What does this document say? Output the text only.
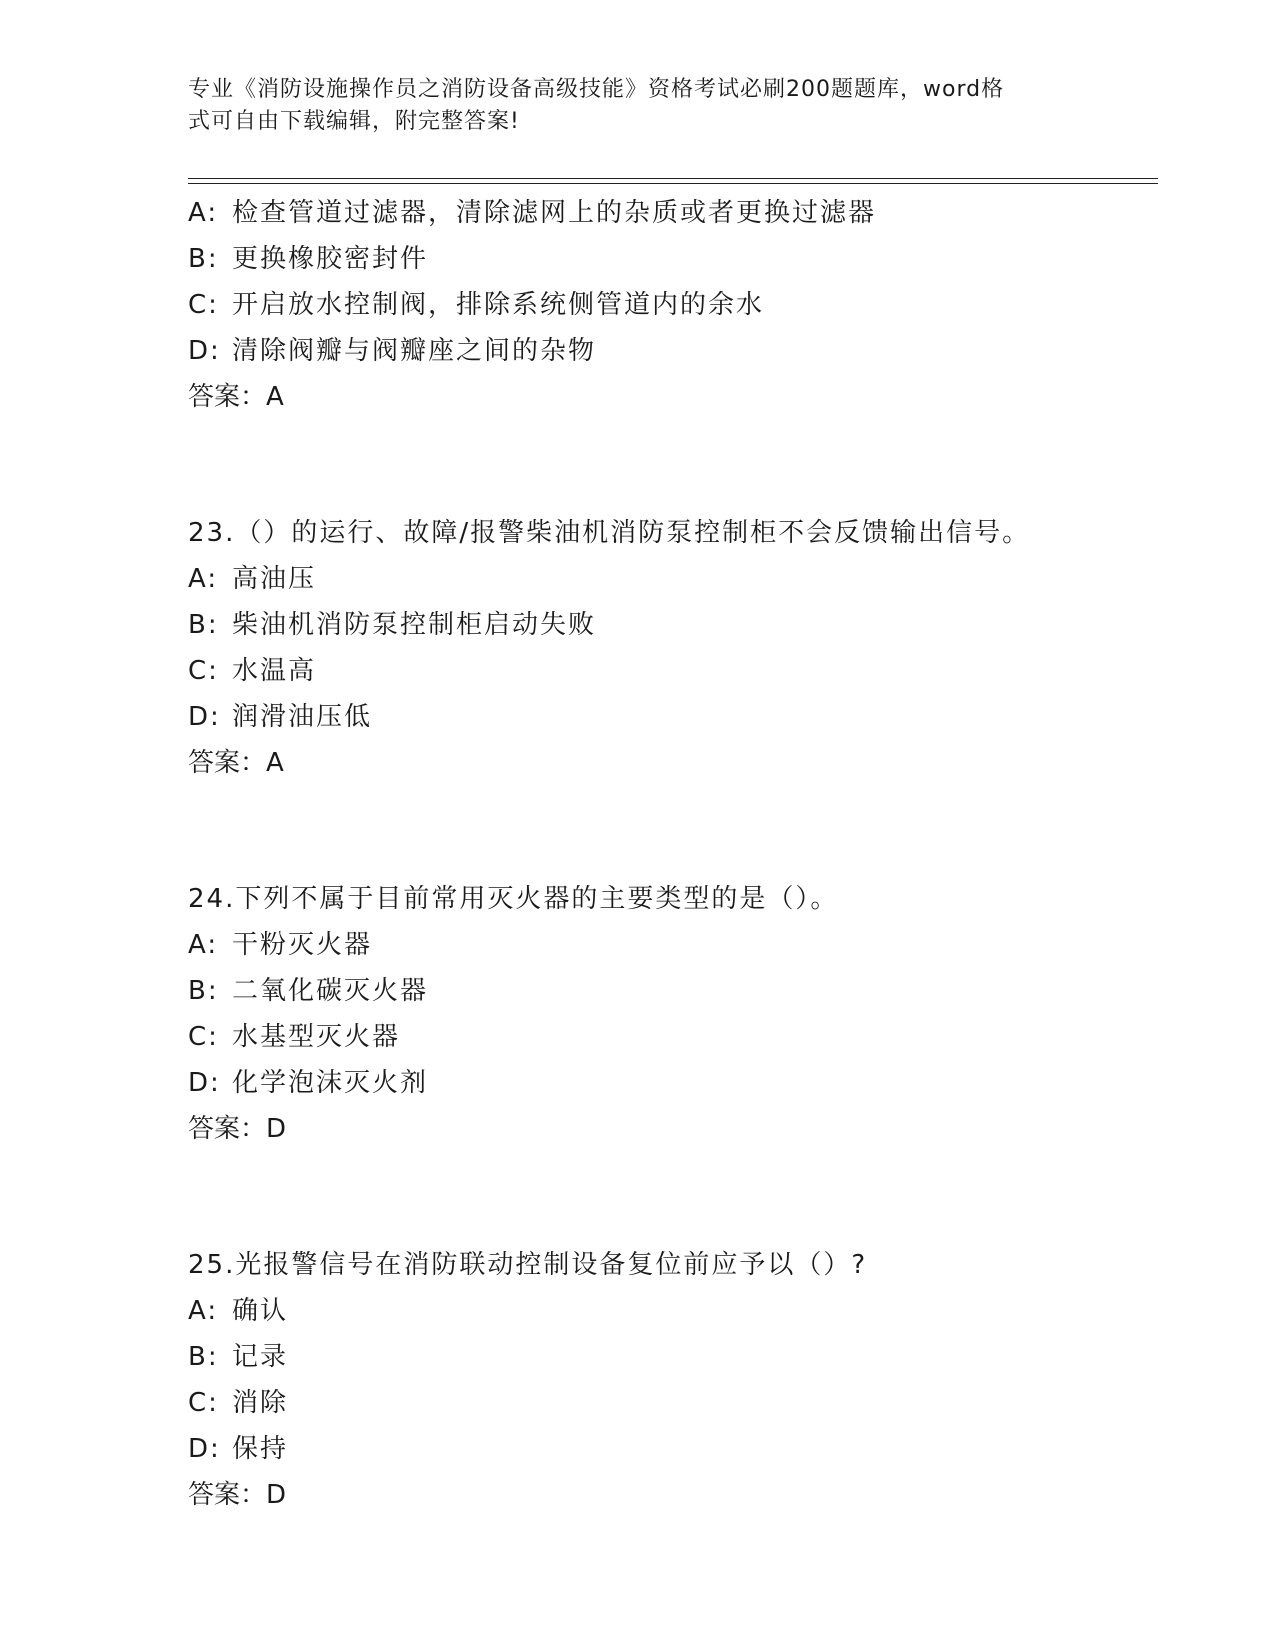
专业《消防设施操作员之消防设备高级技能》资格考试必刷200题题库，word格
式可自由下载编辑，附完整答案!
A: 检查管道过滤器，清除滤网上的杂质或者更换过滤器
B: 更换橡胶密封件
C: 开启放水控制阀，排除系统侧管道内的余水
D: 清除阀瓣与阀瓣座之间的杂物
答案：A
23.（）的运行、故障/报警柴油机消防泵控制柜不会反馈输出信号。
A: 高油压
B: 柴油机消防泵控制柜启动失败
C: 水温高
D: 润滑油压低
答案：A
24.下列不属于目前常用灭火器的主要类型的是（）。
A: 干粉灭火器
B: 二氧化碳灭火器
C: 水基型灭火器
D: 化学泡沫灭火剂
答案：D
25.光报警信号在消防联动控制设备复位前应予以（）?
A: 确认
B: 记录
C: 消除
D: 保持
答案：D
